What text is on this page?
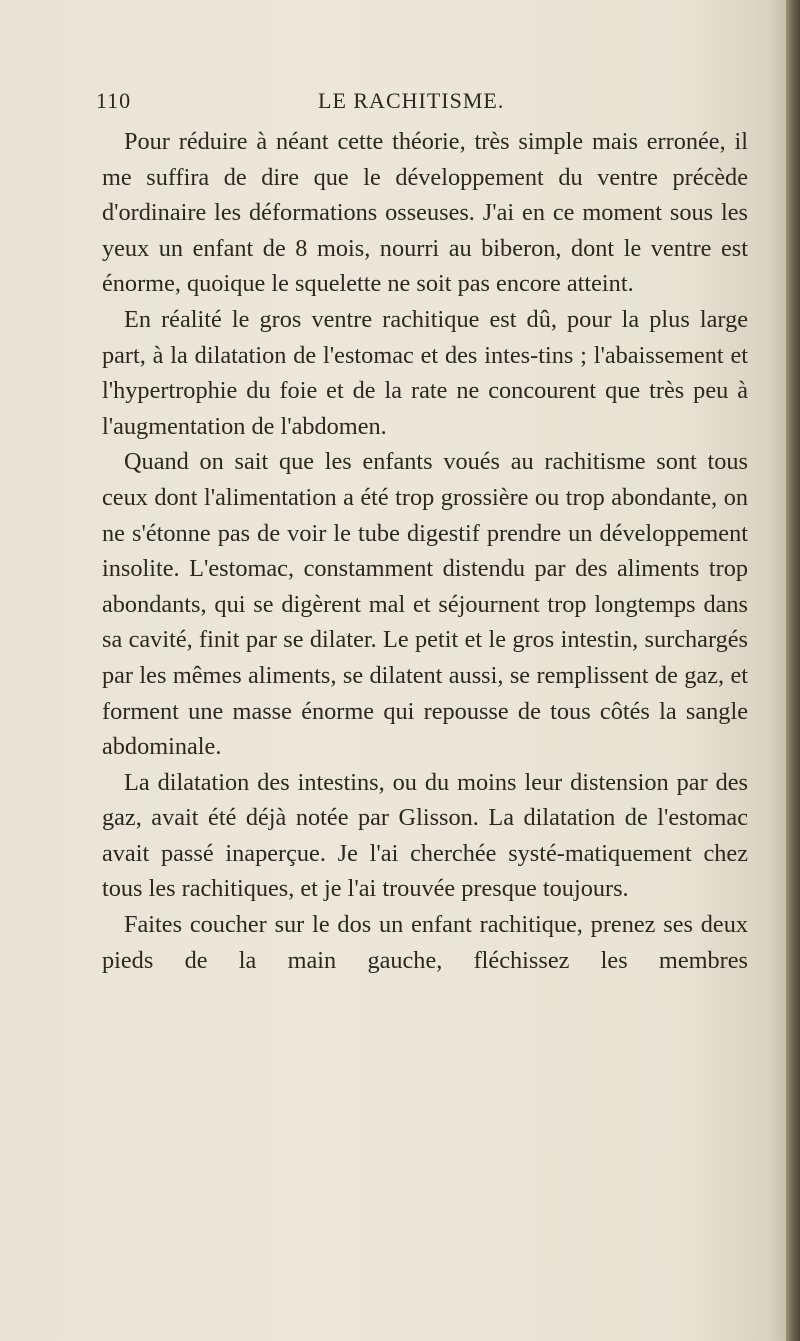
110	LE RACHITISME.

Pour réduire à néant cette théorie, très simple mais erronée, il me suffira de dire que le développement du ventre précède d'ordinaire les déformations osseuses. J'ai en ce moment sous les yeux un enfant de 8 mois, nourri au biberon, dont le ventre est énorme, quoique le squelette ne soit pas encore atteint.

En réalité le gros ventre rachitique est dû, pour la plus large part, à la dilatation de l'estomac et des intes-tins ; l'abaissement et l'hypertrophie du foie et de la rate ne concourent que très peu à l'augmentation de l'abdomen.

Quand on sait que les enfants voués au rachitisme sont tous ceux dont l'alimentation a été trop grossière ou trop abondante, on ne s'étonne pas de voir le tube digestif prendre un développement insolite. L'estomac, constamment distendu par des aliments trop abondants, qui se digèrent mal et séjournent trop longtemps dans sa cavité, finit par se dilater. Le petit et le gros intestin, surchargés par les mêmes aliments, se dilatent aussi, se remplissent de gaz, et forment une masse énorme qui repousse de tous côtés la sangle abdominale.

La dilatation des intestins, ou du moins leur distension par des gaz, avait été déjà notée par Glisson. La dilatation de l'estomac avait passé inaperçue. Je l'ai cherchée systé-matiquement chez tous les rachitiques, et je l'ai trouvée presque toujours.

Faites coucher sur le dos un enfant rachitique, prenez ses deux pieds de la main gauche, fléchissez les membres
